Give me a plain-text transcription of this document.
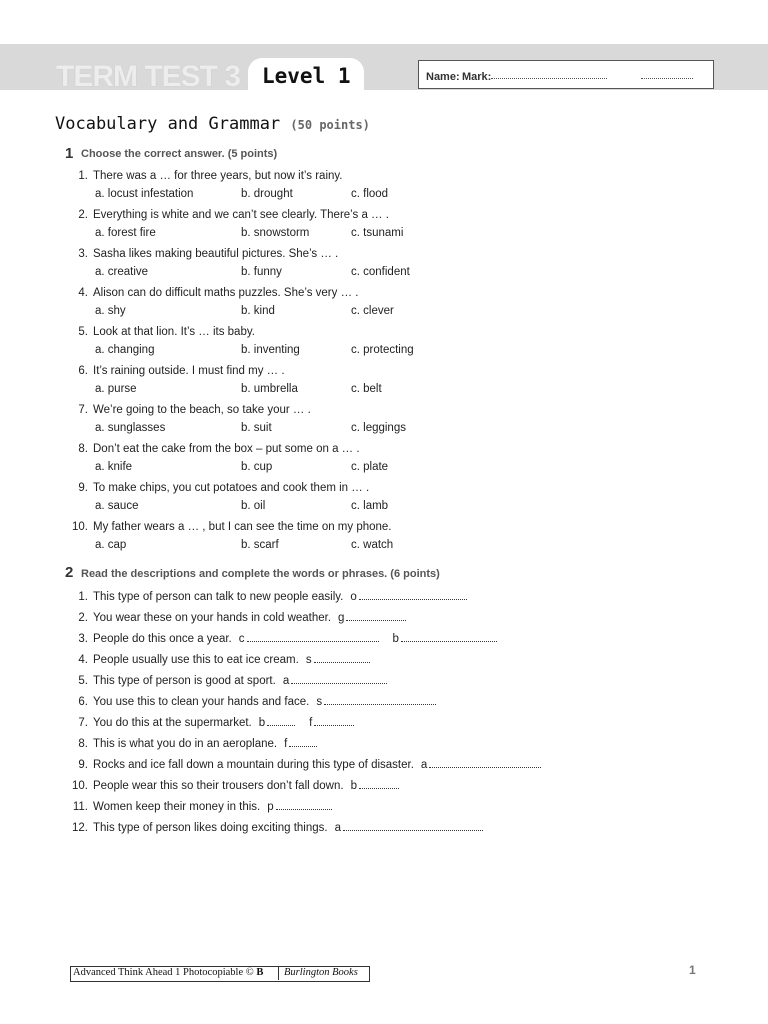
TERM TEST 3 Level 1	Name: Mark:
Vocabulary and Grammar (50 points)
1 Choose the correct answer. (5 points)
1. There was a … for three years, but now it’s rainy.
a. locust infestation	b. drought	c. flood
2. Everything is white and we can’t see clearly. There’s a … .
a. forest fire	b. snowstorm	c. tsunami
3. Sasha likes making beautiful pictures. She’s … .
a. creative	b. funny	c. confident
4. Alison can do difficult maths puzzles. She’s very … .
a. shy	b. kind	c. clever
5. Look at that lion. It’s … its baby.
a. changing	b. inventing	c. protecting
6. It’s raining outside. I must find my … .
a. purse	b. umbrella	c. belt
7. We’re going to the beach, so take your … .
a. sunglasses	b. suit	c. leggings
8. Don’t eat the cake from the box – put some on a … .
a. knife	b. cup	c. plate
9. To make chips, you cut potatoes and cook them in … .
a. sauce	b. oil	c. lamb
10. My father wears a … , but I can see the time on my phone.
a. cap	b. scarf	c. watch
2 Read the descriptions and complete the words or phrases. (6 points)
1. This type of person can talk to new people easily. o
2. You wear these on your hands in cold weather. g
3. People do this once a year. c	b
4. People usually use this to eat ice cream. s
5. This type of person is good at sport. a
6. You use this to clean your hands and face. s
7. You do this at the supermarket. b	f
8. This is what you do in an aeroplane. f
9. Rocks and ice fall down a mountain during this type of disaster. a
10. People wear this so their trousers don’t fall down. b
11. Women keep their money in this. p
12. This type of person likes doing exciting things. a
Advanced Think Ahead 1 Photocopiable © B Burlington Books	1
